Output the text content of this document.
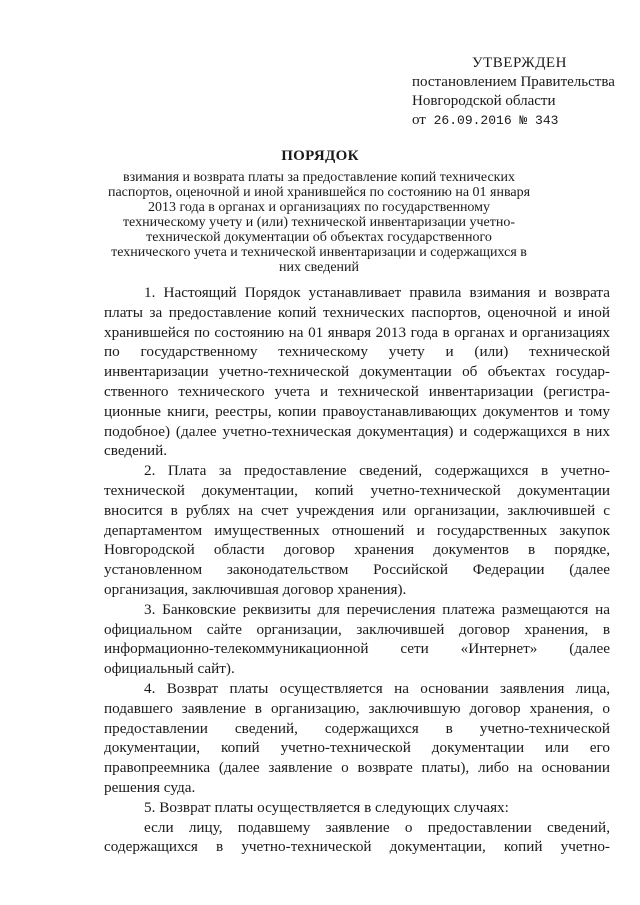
УТВЕРЖДЕН
постановлением Правительства
Новгородской области
от 26.09.2016 № 343
ПОРЯДОК
взимания и возврата платы за предоставление копий технических паспортов, оценочной и иной хранившейся по состоянию на 01 января 2013 года в органах и организациях по государственному техническому учету и (или) технической инвентаризации учетно-технической документации об объектах государственного технического учета и технической инвентаризации и содержащихся в них сведений

1. Настоящий Порядок устанавливает правила взимания и возврата платы за предоставление копий технических паспортов, оценочной и иной хранившейся по состоянию на 01 января 2013 года в органах и организациях по государственному техническому учету и (или) технической инвентаризации учетно-технической документации об объектах государ-ственного технического учета и технической инвентаризации (регистра-ционные книги, реестры, копии правоустанавливающих документов и тому подобное) (далее учетно-техническая документация) и содержащихся в них сведений.

2. Плата за предоставление сведений, содержащихся в учетно-технической документации, копий учетно-технической документации вносится в рублях на счет учреждения или организации, заключившей с департаментом имущественных отношений и государственных закупок Новгородской области договор хранения документов в порядке, установленном законодательством Российской Федерации (далее организация, заключившая договор хранения).

3. Банковские реквизиты для перечисления платежа размещаются на официальном сайте организации, заключившей договор хранения, в информационно-телекоммуникационной сети «Интернет» (далее официальный сайт).

4. Возврат платы осуществляется на основании заявления лица, подавшего заявление в организацию, заключившую договор хранения, о предоставлении сведений, содержащихся в учетно-технической документации, копий учетно-технической документации или его правопреемника (далее заявление о возврате платы), либо на основании решения суда.

5. Возврат платы осуществляется в следующих случаях:

если лицу, подавшему заявление о предоставлении сведений, содержащихся в учетно-технической документации, копий учетно-
